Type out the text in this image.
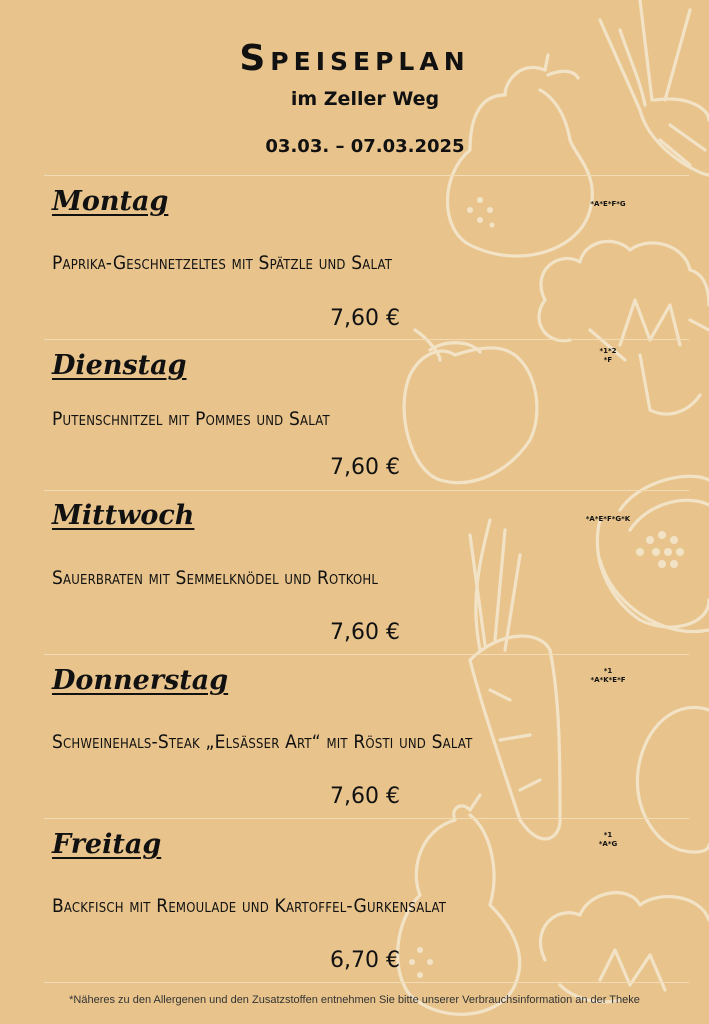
Speiseplan
im Zeller Weg
03.03. – 07.03.2025
Montag	*A*E*F*G
Paprika-Geschnetzeltes mit Spätzle und Salat
7,60 €
Dienstag	*1*2
*F
Putenschnitzel mit Pommes und Salat
7,60 €
Mittwoch	*A*E*F*G*K
Sauerbraten mit Semmelknödel und Rotkohl
7,60 €
Donnerstag	*1
*A*K*E*F
Schweinehals-Steak „Elsässer Art“ mit Rösti und Salat
7,60 €
Freitag	*1
*A*G
Backfisch mit Remoulade und Kartoffel-Gurkensalat
6,70 €
*Näheres zu den Allergenen und den Zusatzstoffen entnehmen Sie bitte unserer Verbrauchsinformation an der Theke
